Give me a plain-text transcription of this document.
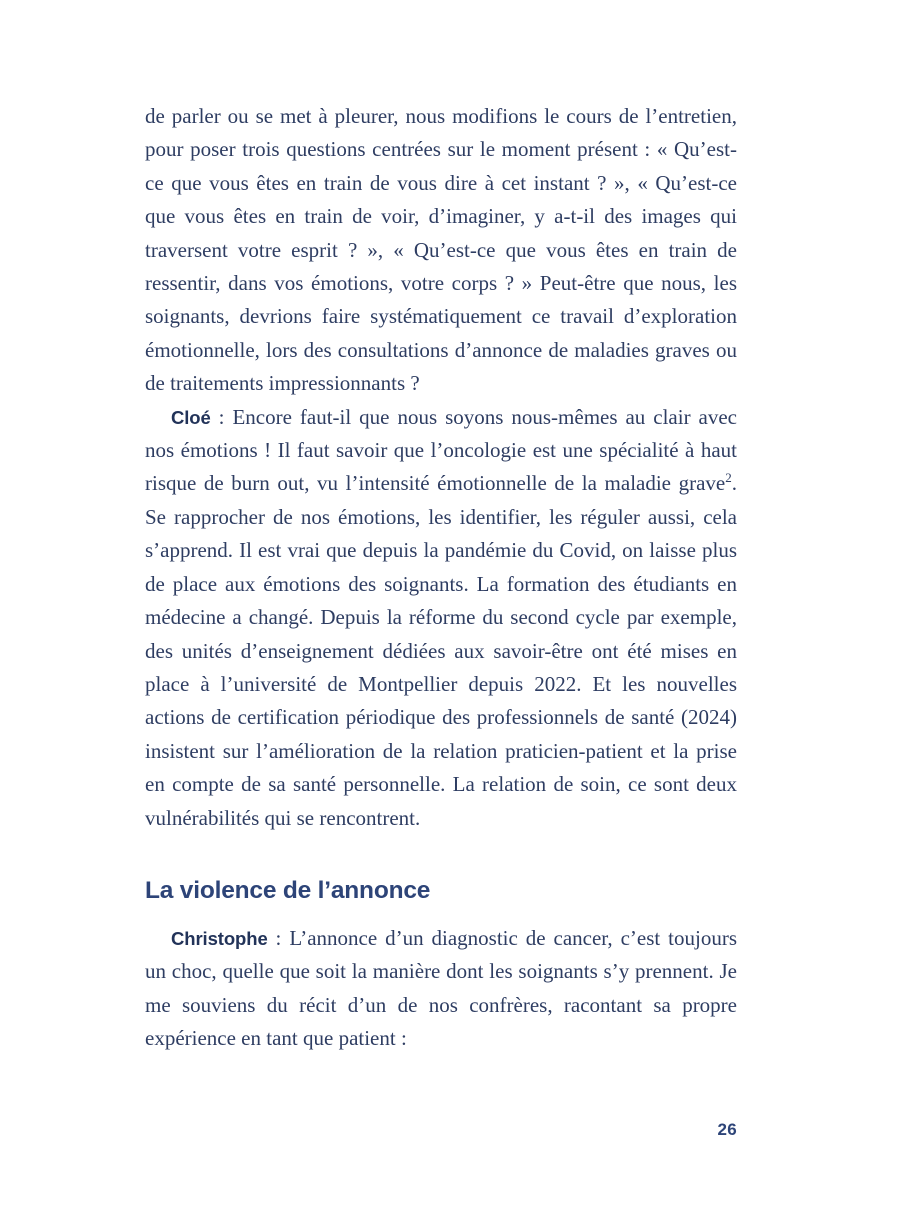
de parler ou se met à pleurer, nous modifions le cours de l’entretien, pour poser trois questions centrées sur le moment présent : « Qu’est-ce que vous êtes en train de vous dire à cet instant ? », « Qu’est-ce que vous êtes en train de voir, d’imaginer, y a-t-il des images qui traversent votre esprit ? », « Qu’est-ce que vous êtes en train de ressentir, dans vos émotions, votre corps ? » Peut-être que nous, les soignants, devrions faire systématiquement ce travail d’exploration émotionnelle, lors des consultations d’annonce de maladies graves ou de traitements impressionnants ?

Cloé : Encore faut-il que nous soyons nous-mêmes au clair avec nos émotions ! Il faut savoir que l’oncologie est une spécialité à haut risque de burn out, vu l’intensité émotionnelle de la maladie grave$^2$. Se rapprocher de nos émotions, les identifier, les réguler aussi, cela s’apprend. Il est vrai que depuis la pandémie du Covid, on laisse plus de place aux émotions des soignants. La formation des étudiants en médecine a changé. Depuis la réforme du second cycle par exemple, des unités d’enseignement dédiées aux savoir-être ont été mises en place à l’université de Montpellier depuis 2022. Et les nouvelles actions de certification périodique des professionnels de santé (2024) insistent sur l’amélioration de la relation praticien-patient et la prise en compte de sa santé personnelle. La relation de soin, ce sont deux vulnérabilités qui se rencontrent.

La violence de l’annonce

Christophe : L’annonce d’un diagnostic de cancer, c’est toujours un choc, quelle que soit la manière dont les soignants s’y prennent. Je me souviens du récit d’un de nos confrères, racontant sa propre expérience en tant que patient :

26
